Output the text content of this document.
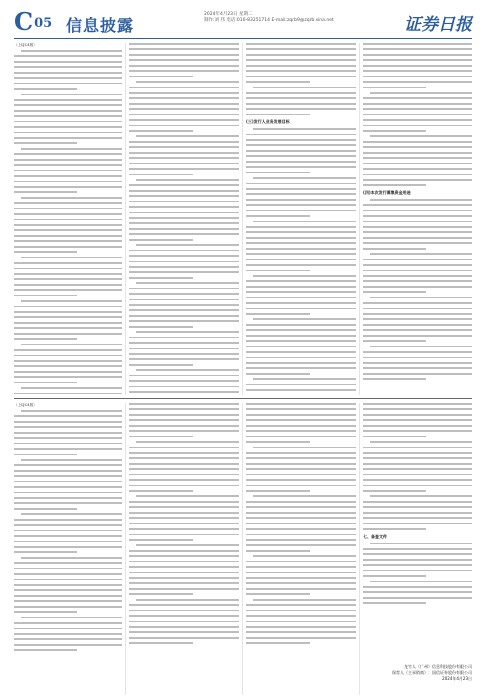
C05 信息披露
2024年4月23日 星期二
制作:刘 伟 电话:010-83251714 E-mail:zqrb9@zqrb.sina.net	证券日报
（上接C4版）
(三)发行人业务发展目标
(四)本次发行募集资金用途
（上接C4版）
七、备查文件
龙竹人（广州）信息科技股份有限公司
保荐人（主承销商）：国信证券股份有限公司
2024年4月23日
